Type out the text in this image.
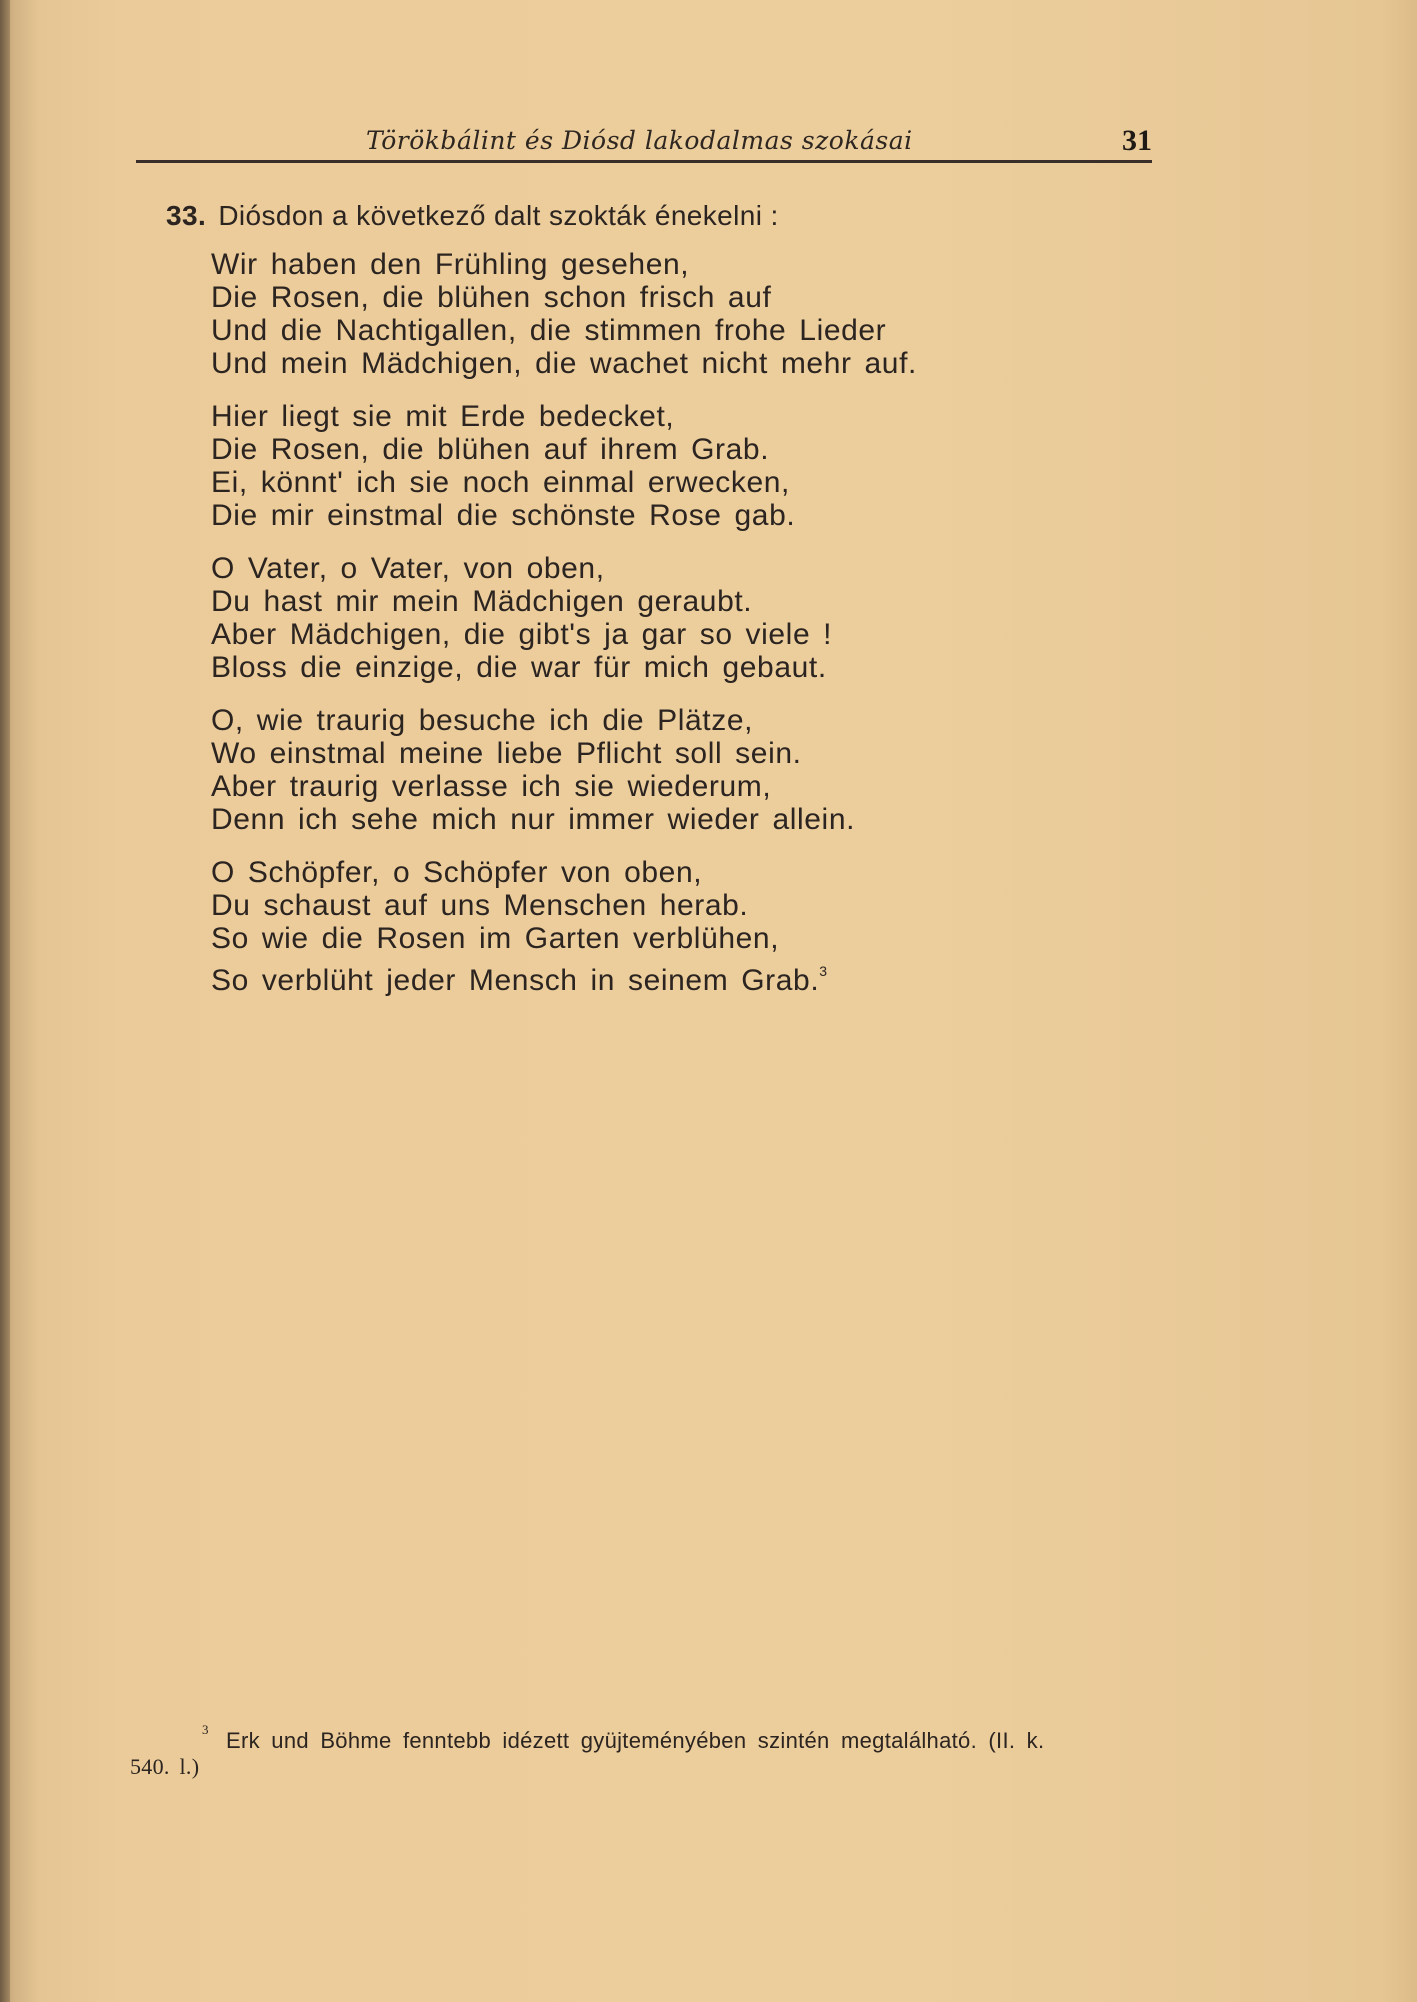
Törökbálint és Diósd lakodalmas szokásai	31
33. Diósdon a következő dalt szokták énekelni :
Wir haben den Frühling gesehen,
Die Rosen, die blühen schon frisch auf
Und die Nachtigallen, die stimmen frohe Lieder
Und mein Mädchigen, die wachet nicht mehr auf.
Hier liegt sie mit Erde bedecket,
Die Rosen, die blühen auf ihrem Grab.
Ei, könnt' ich sie noch einmal erwecken,
Die mir einstmal die schönste Rose gab.
O Vater, o Vater, von oben,
Du hast mir mein Mädchigen geraubt.
Aber Mädchigen, die gibt's ja gar so viele !
Bloss die einzige, die war für mich gebaut.
O, wie traurig besuche ich die Plätze,
Wo einstmal meine liebe Pflicht soll sein.
Aber traurig verlasse ich sie wiederum,
Denn ich sehe mich nur immer wieder allein.
O Schöpfer, o Schöpfer von oben,
Du schaust auf uns Menschen herab.
So wie die Rosen im Garten verblühen,
So verblüht jeder Mensch in seinem Grab.$^3$
3 Erk und Böhme fenntebb idézett gyüjteményében szintén megtalálható. (II. k.
540. l.)
